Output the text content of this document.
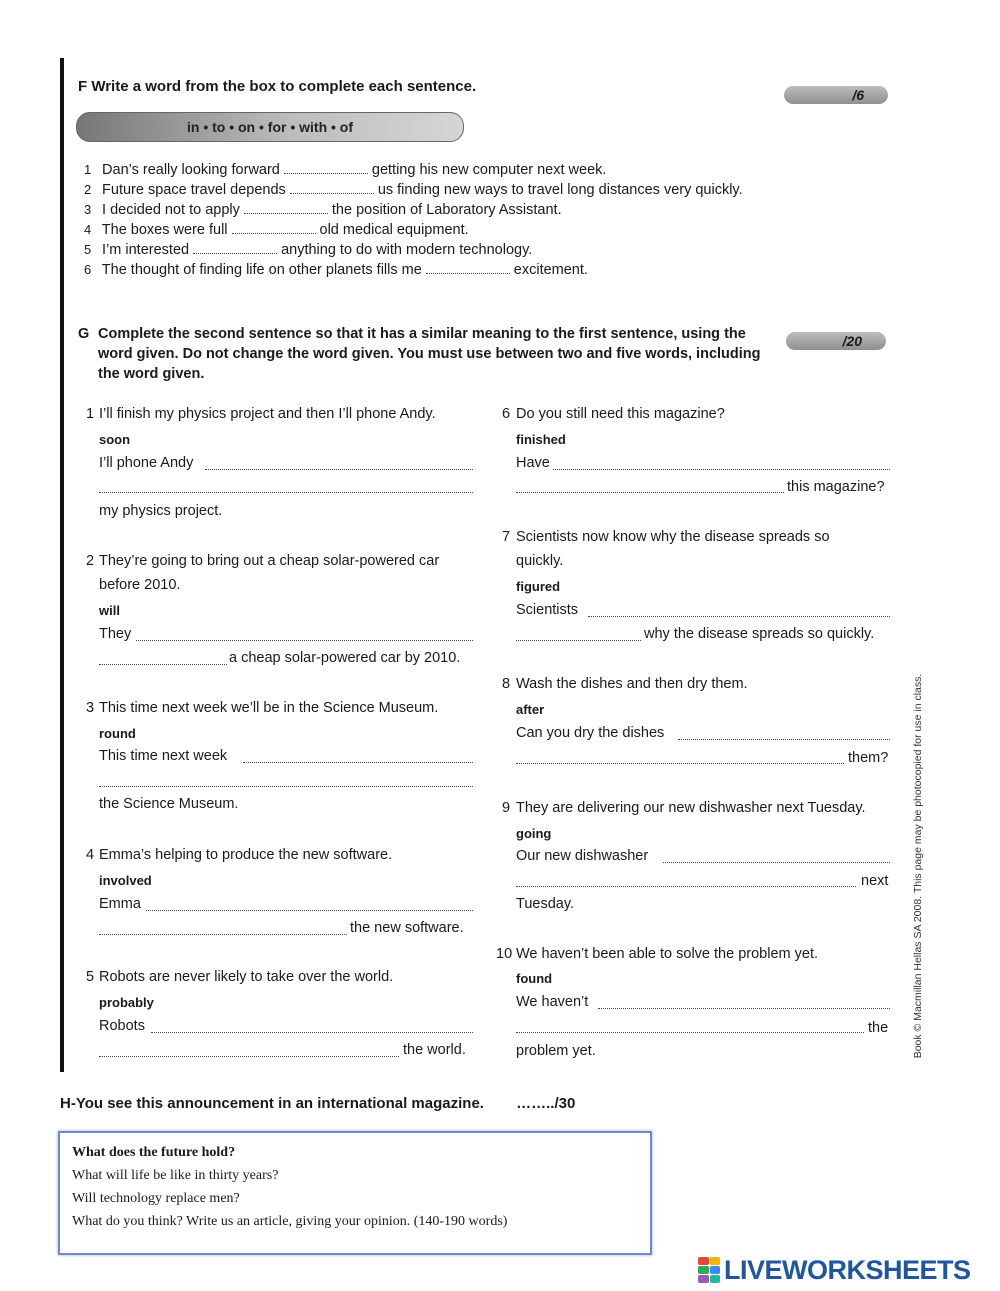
F Write a word from the box to complete each sentence.	/6
in • to • on • for • with • of
1 Dan’s really looking forward	getting his new computer next week.
2 Future space travel depends	us finding new ways to travel long distances very quickly.
3 I decided not to apply	the position of Laboratory Assistant.
4 The boxes were full	old medical equipment.
5 I’m interested	anything to do with modern technology.
6 The thought of finding life on other planets fills me	excitement.
G Complete the second sentence so that it has a similar meaning to the first sentence, using the word given. Do not change the word given. You must use between two and five words, including the word given.
/20
1 I’ll finish my physics project and then I’ll phone Andy.
soon
I’ll phone Andy
my physics project.
2 They’re going to bring out a cheap solar-powered car
before 2010.
will
They
a cheap solar-powered car by 2010.
3 This time next week we’ll be in the Science Museum.
round
This time next week
the Science Museum.
4 Emma’s helping to produce the new software.
involved
Emma
the new software.
5 Robots are never likely to take over the world.
probably
Robots
the world.
6 Do you still need this magazine?
finished
Have
this magazine?
7 Scientists now know why the disease spreads so
quickly.
figured
Scientists
why the disease spreads so quickly.
8 Wash the dishes and then dry them.
after
Can you dry the dishes
them?
9 They are delivering our new dishwasher next Tuesday.
going
Our new dishwasher
next
Tuesday.
10 We haven’t been able to solve the problem yet.
found
We haven’t
the
problem yet.	Book © Macmillan Hellas SA 2008. This page may be photocopied for use in class.
H-You see this announcement in an international magazine. ……../30
What does the future hold?
What will life be like in thirty years?
Will technology replace men?
What do you think? Write us an article, giving your opinion. (140-190 words)
LIVEWORKSHEETS
